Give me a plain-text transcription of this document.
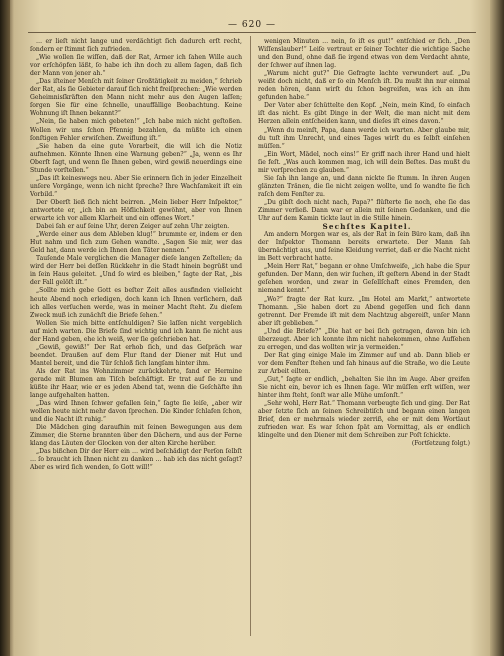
— 620 —

… er lieſt nicht lange und verdächtigt ſich dadurch erſt recht, ſondern er ſtimmt ſich zufrieden.

„Wie wollen ſie wiſſen, daß der Rat, Armer ich ſahen Wille auch vor erſchöpfen läßt, ſo habe ich ihn doch zu allem ſagen, daß ſich der Mann von jener ah.“

„Das iſteiner Menſch mit ſeiner Großtätigkeit zu meiden,“ ſchrieb der Rat, als ſie Gebieter darauf ſich nicht freiſprechen: „Wie werden Geheimnisſkräften den Mann nicht mehr aus den Augen laſſen; ſorgen Sie für eine ſchnelle, unauffällige Beobachtung. Keine Wohnung iſt Ihnen bekannt?“

„Nein, ſie haben mich gebeten!“ „Ich habe mich nicht geſtoßen. Wollen wir uns ſchon Pfennig bezahlen, da müßte ich einen ſonſtigen Fehler erwiſchen. Zweiflung iſt.“

„Sie haben da eine gute Vorarbeit, die will ich die Notiz aufnehmen. Könnte Ihnen eine Warnung geben?“ „Ja, wenn es Ihr Oberſt ſagt, und wenn ſie Ihnen geben, wird gewiß neuerdings eine Stunde vorſtellen.“

„Das iſt keineswegs neu. Aber Sie erinnern ſich in jeder Einzelheit unſere Vorgänge, wenn ich nicht ſpreche? Ihre Wachſamkeit iſt ein Vorbild.“

Der Oberſt ließ ſich nicht beirren. „Mein lieber Herr Inſpektor,“ antwortete er, „ich bin an Höflichkeit gewöhnt, aber von Ihnen erwarte ich vor allem Klarheit und ein offenes Wort.“

Dabei ſah er auf ſeine Uhr, deren Zeiger auf zehn Uhr zeigten.

„Werde einer aus dem Ableben klug!“ brummte er, indem er den Hut nahm und ſich zum Gehen wandte. „Sagen Sie mir, wer das Geld hat, dann werde ich Ihnen den Täter nennen.“

Tauſende Male verglichen die Manager dieſe langen Zeſtellen; da wird der Herr bei deſſen Rückkehr in die Stadt hinein begrüßt und in ſein Haus geleitet. „Und ſo wird es bleiben,“ ſagte der Rat, „bis der Fall gelöſt iſt.“

„Sollte mich gebe Gott es beſter Zeit alles ausfinden vielleicht heute Abend noch erledigen, doch kann ich Ihnen verſichern, daß ich alles verſuchen werde, was in meiner Macht ſteht. Zu dieſem Zweck muß ich zunächſt die Briefe ſehen.“

Wollen Sie mich bitte entſchuldigen? Sie laſſen nicht vergeblich auf mich warten. Die Briefe ſind wichtig und ich kann ſie nicht aus der Hand geben, ehe ich weiß, wer ſie geſchrieben hat.

„Gewiß, gewiß!“ Der Rat erhob ſich, und das Geſpräch war beendet. Draußen auf dem Flur ſtand der Diener mit Hut und Mantel bereit, und die Tür ſchloß ſich langſam hinter ihm.

Als der Rat ins Wohnzimmer zurückkehrte, fand er Hermine gerade mit Blumen am Tiſch beſchäftigt. Er trat auf ſie zu und küßte ihr Haar, wie er es jeden Abend tat, wenn die Geſchäfte ihn lange aufgehalten hatten.

„Das wird Ihnen ſchwer gefallen ſein,“ ſagte ſie leiſe, „aber wir wollen heute nicht mehr davon ſprechen. Die Kinder ſchlafen ſchon, und die Nacht iſt ruhig.“

Die Mädchen ging daraufhin mit ſeinen Bewegungen aus dem Zimmer, die Sterne brannten über den Dächern, und aus der Ferne klang das Läuten der Glocken von der alten Kirche herüber.

„Das bißchen Dir der Herr ein … wird beſchädigt der Perſon ſelbſt … ſo braucht ich Ihnen nicht zu danken … hab ich das nicht geſagt? Aber es wird ſich wenden, ſo Gott will!“

wenigen Minuten … nein, ſo iſt es gut!“ entſchied er ſich. „Den Wiſſenslauber!“ Leiſe vertraut er ſeiner Tochter die wichtige Sache und den Bund, ohne daß ſie irgend etwas von dem Verdacht ahnte, der ſchwer auf ihnen lag.

„Warum nicht gut?“ Die Gefragte lachte verwundert auf. „Du weißt doch nicht, daß er ſo ein Menſch iſt. Du mußt ihn nur einmal reden hören, dann wirſt du ſchon begreifen, was ich an ihm gefunden habe.“

Der Vater aber ſchüttelte den Kopf. „Nein, mein Kind, ſo einfach iſt das nicht. Es gibt Dinge in der Welt, die man nicht mit dem Herzen allein entſcheiden kann, und dieſes iſt eines davon.“

„Wenn du meinſt, Papa, dann werde ich warten. Aber glaube mir, du tuſt ihm Unrecht, und eines Tages wirſt du es ſelbſt einſehen müſſen.“

„Ein Wort, Mädel, noch eins!“ Er griff nach ihrer Hand und hielt ſie feſt. „Was auch kommen mag, ich will dein Beſtes. Das mußt du mir verſprechen zu glauben.“

Sie ſah ihn lange an, und dann nickte ſie ſtumm. In ihren Augen glänzten Tränen, die ſie nicht zeigen wollte, und ſo wandte ſie ſich raſch dem Fenſter zu.

„Du gibſt doch nicht nach, Papa?“ flüſterte ſie noch, ehe ſie das Zimmer verließ. Dann war er allein mit ſeinen Gedanken, und die Uhr auf dem Kamin tickte laut in die Stille hinein.

Sechſtes Kapitel.

Am andern Morgen war es, als der Rat in ſein Büro kam, daß ihn der Inſpektor Thomann bereits erwartete. Der Mann ſah übernächtigt aus, und ſeine Kleidung verriet, daß er die Nacht nicht im Bett verbracht hatte.

„Mein Herr Rat,“ begann er ohne Umſchweife, „ich habe die Spur gefunden. Der Mann, den wir ſuchen, iſt geſtern Abend in der Stadt geſehen worden, und zwar in Geſellſchaft eines Fremden, den niemand kennt.“

„Wo?“ fragte der Rat kurz. „Im Hotel am Markt,“ antwortete Thomann. „Sie haben dort zu Abend gegeſſen und ſich dann getrennt. Der Fremde iſt mit dem Nachtzug abgereiſt, unſer Mann aber iſt geblieben.“

„Und die Briefe?“ „Die hat er bei ſich getragen, davon bin ich überzeugt. Aber ich konnte ihm nicht nahekommen, ohne Aufſehen zu erregen, und das wollten wir ja vermeiden.“

Der Rat ging einige Male im Zimmer auf und ab. Dann blieb er vor dem Fenſter ſtehen und ſah hinaus auf die Straße, wo die Leute zur Arbeit eilten.

„Gut,“ ſagte er endlich, „behalten Sie ihn im Auge. Aber greifen Sie nicht ein, bevor ich es Ihnen ſage. Wir müſſen erſt wiſſen, wer hinter ihm ſteht, ſonſt war alle Mühe umſonſt.“

„Sehr wohl, Herr Rat.“ Thomann verbeugte ſich und ging. Der Rat aber ſetzte ſich an ſeinen Schreibtiſch und begann einen langen Brief, den er mehrmals wieder zerriß, ehe er mit dem Wortlaut zufrieden war. Es war ſchon ſpät am Vormittag, als er endlich klingelte und den Diener mit dem Schreiben zur Poſt ſchickte.

(Fortſetzung folgt.)
